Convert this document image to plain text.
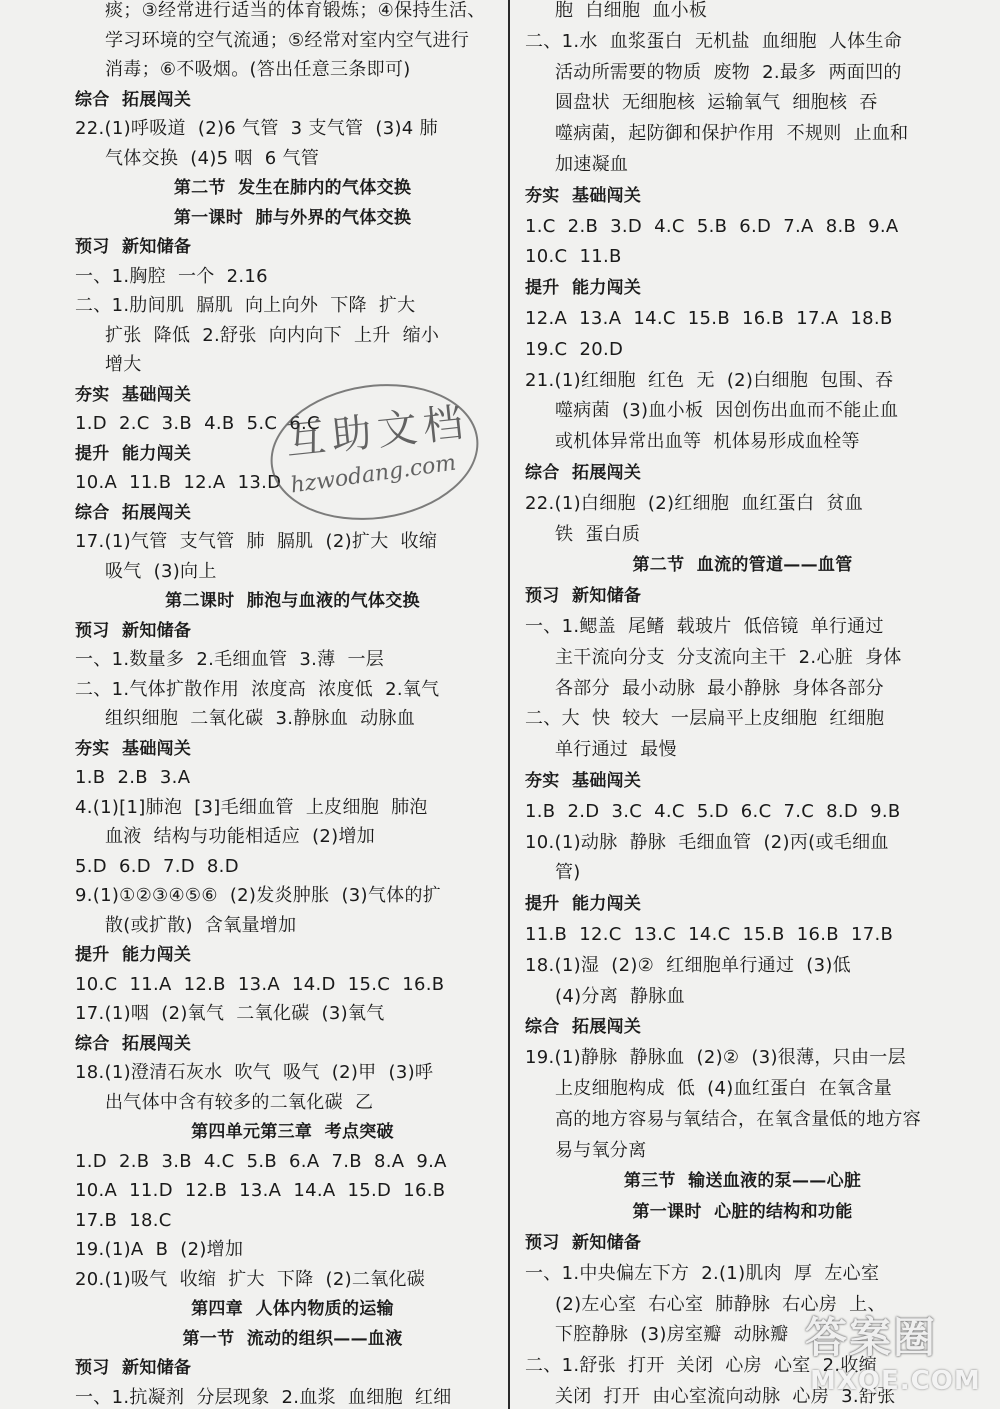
痰；③经常进行适当的体育锻炼；④保持生活、
学习环境的空气流通；⑤经常对室内空气进行
消毒；⑥不吸烟。(答出任意三条即可)
综合  拓展闯关
22.(1)呼吸道  (2)6 气管  3 支气管  (3)4 肺
气体交换  (4)5 咽  6 气管
第二节  发生在肺内的气体交换
第一课时  肺与外界的气体交换
预习  新知储备
一、1.胸腔  一个  2.16
二、1.肋间肌  膈肌  向上向外  下降  扩大
扩张  降低  2.舒张  向内向下  上升  缩小
增大
夯实  基础闯关
1.D  2.C  3.B  4.B  5.C  6.C
提升  能力闯关
10.A  11.B  12.A  13.D
综合  拓展闯关
17.(1)气管  支气管  肺  膈肌  (2)扩大  收缩
吸气  (3)向上
第二课时  肺泡与血液的气体交换
预习  新知储备
一、1.数量多  2.毛细血管  3.薄  一层
二、1.气体扩散作用  浓度高  浓度低  2.氧气
组织细胞  二氧化碳  3.静脉血  动脉血
夯实  基础闯关
1.B  2.B  3.A
4.(1)[1]肺泡  [3]毛细血管  上皮细胞  肺泡
血液  结构与功能相适应  (2)增加
5.D  6.D  7.D  8.D
9.(1)①②③④⑤⑥  (2)发炎肿胀  (3)气体的扩
散(或扩散)  含氧量增加
提升  能力闯关
10.C  11.A  12.B  13.A  14.D  15.C  16.B
17.(1)咽  (2)氧气  二氧化碳  (3)氧气
综合  拓展闯关
18.(1)澄清石灰水  吹气  吸气  (2)甲  (3)呼
出气体中含有较多的二氧化碳  乙
第四单元第三章  考点突破
1.D  2.B  3.B  4.C  5.B  6.A  7.B  8.A  9.A
10.A  11.D  12.B  13.A  14.A  15.D  16.B
17.B  18.C
19.(1)A  B  (2)增加
20.(1)吸气  收缩  扩大  下降  (2)二氧化碳
第四章  人体内物质的运输
第一节  流动的组织——血液
预习  新知储备
一、1.抗凝剂  分层现象  2.血浆  血细胞  红细
胞  白细胞  血小板
二、1.水  血浆蛋白  无机盐  血细胞  人体生命
活动所需要的物质  废物  2.最多  两面凹的
圆盘状  无细胞核  运输氧气  细胞核  吞
噬病菌，起防御和保护作用  不规则  止血和
加速凝血
夯实  基础闯关
1.C  2.B  3.D  4.C  5.B  6.D  7.A  8.B  9.A
10.C  11.B
提升  能力闯关
12.A  13.A  14.C  15.B  16.B  17.A  18.B
19.C  20.D
21.(1)红细胞  红色  无  (2)白细胞  包围、吞
噬病菌  (3)血小板  因创伤出血而不能止血
或机体异常出血等  机体易形成血栓等
综合  拓展闯关
22.(1)白细胞  (2)红细胞  血红蛋白  贫血
铁  蛋白质
第二节  血流的管道——血管
预习  新知储备
一、1.鳃盖  尾鳍  载玻片  低倍镜  单行通过
主干流向分支  分支流向主干  2.心脏  身体
各部分  最小动脉  最小静脉  身体各部分
二、大  快  较大  一层扁平上皮细胞  红细胞
单行通过  最慢
夯实  基础闯关
1.B  2.D  3.C  4.C  5.D  6.C  7.C  8.D  9.B
10.(1)动脉  静脉  毛细血管  (2)丙(或毛细血
管)
提升  能力闯关
11.B  12.C  13.C  14.C  15.B  16.B  17.B
18.(1)湿  (2)②  红细胞单行通过  (3)低
(4)分离  静脉血
综合  拓展闯关
19.(1)静脉  静脉血  (2)②  (3)很薄，只由一层
上皮细胞构成  低  (4)血红蛋白  在氧含量
高的地方容易与氧结合，在氧含量低的地方容
易与氧分离
第三节  输送血液的泵——心脏
第一课时  心脏的结构和功能
预习  新知储备
一、1.中央偏左下方  2.(1)肌肉  厚  左心室
(2)左心室  右心室  肺静脉  右心房  上、
下腔静脉  (3)房室瓣  动脉瓣
二、1.舒张  打开  关闭  心房  心室  2.收缩
关闭  打开  由心室流向动脉  心房  3.舒张
互助文档
hzwodang.com
答案圈
MXQE.COM
